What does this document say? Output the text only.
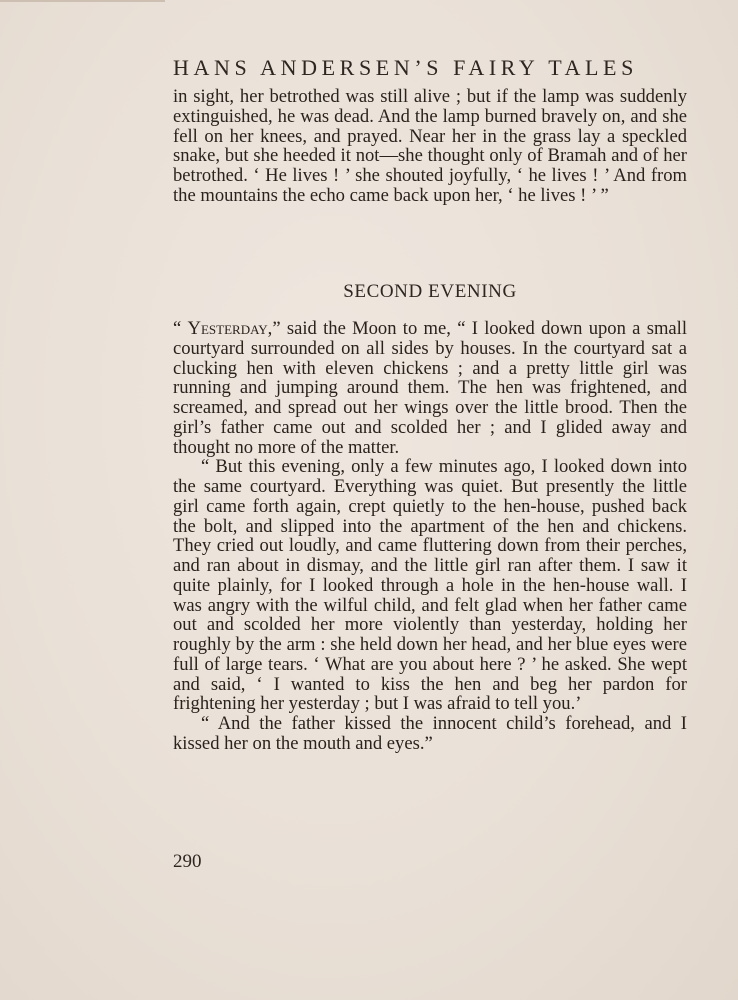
HANS ANDERSEN’S FAIRY TALES

in sight, her betrothed was still alive ; but if the lamp was suddenly extinguished, he was dead. And the lamp burned bravely on, and she fell on her knees, and prayed. Near her in the grass lay a speckled snake, but she heeded it not—she thought only of Bramah and of her betrothed. ‘ He lives ! ’ she shouted joyfully, ‘ he lives ! ’ And from the mountains the echo came back upon her, ‘ he lives ! ’ ”

SECOND EVENING

“ Yesterday,” said the Moon to me, “ I looked down upon a small courtyard surrounded on all sides by houses. In the courtyard sat a clucking hen with eleven chickens ; and a pretty little girl was running and jumping around them. The hen was frightened, and screamed, and spread out her wings over the little brood. Then the girl’s father came out and scolded her ; and I glided away and thought no more of the matter.

“ But this evening, only a few minutes ago, I looked down into the same courtyard. Everything was quiet. But presently the little girl came forth again, crept quietly to the hen-house, pushed back the bolt, and slipped into the apartment of the hen and chickens. They cried out loudly, and came fluttering down from their perches, and ran about in dismay, and the little girl ran after them. I saw it quite plainly, for I looked through a hole in the hen-house wall. I was angry with the wilful child, and felt glad when her father came out and scolded her more violently than yesterday, holding her roughly by the arm : she held down her head, and her blue eyes were full of large tears. ‘ What are you about here ? ’ he asked. She wept and said, ‘ I wanted to kiss the hen and beg her pardon for frightening her yesterday ; but I was afraid to tell you.’

“ And the father kissed the innocent child’s forehead, and I kissed her on the mouth and eyes.”

290
